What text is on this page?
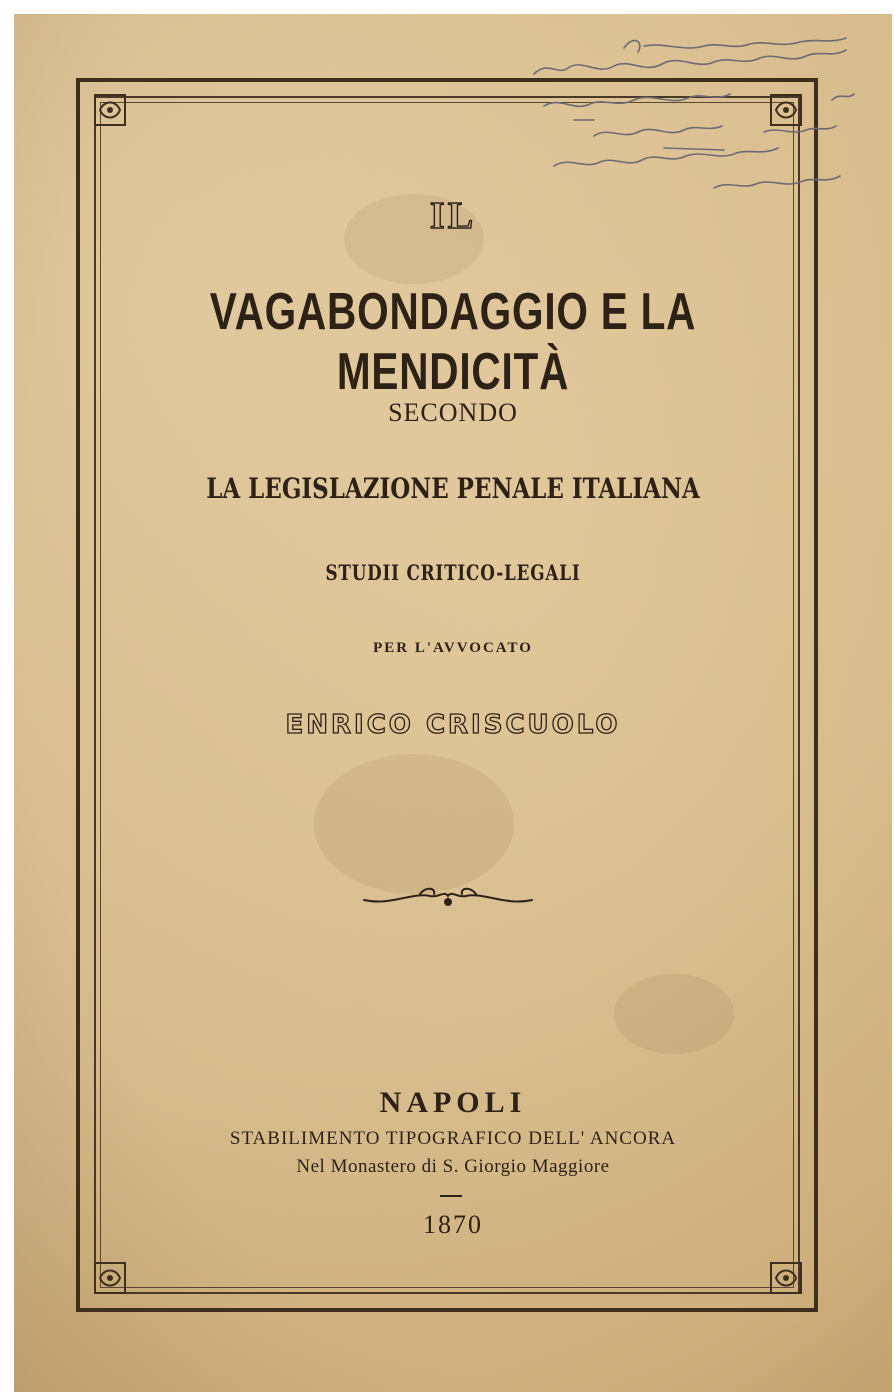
IL
VAGABONDAGGIO E LA MENDICITÀ
SECONDO
LA LEGISLAZIONE PENALE ITALIANA
STUDII CRITICO-LEGALI
PER L'AVVOCATO
ENRICO CRISCUOLO
NAPOLI
STABILIMENTO TIPOGRAFICO DELL' ANCORA
Nel Monastero di S. Giorgio Maggiore
1870
